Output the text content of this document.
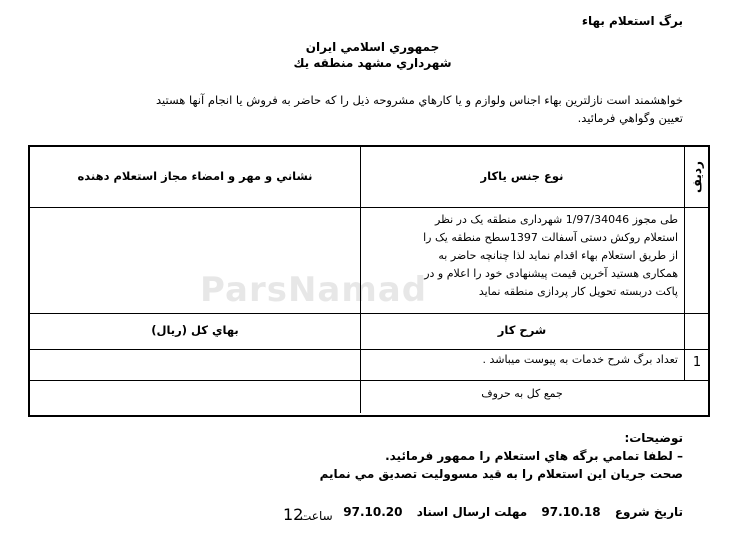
ParsNamad
برگ استعلام بهاء
جمهوري اسلامي ايران
شهرداري مشهد منطقه يك
خواهشمند است نازلترين بهاء اجناس ولوازم و يا كارهاي مشروحه ذيل را كه حاضر به فروش يا انجام آنها هستيد
تعيين وگواهي فرمائيد.
رديف
نوع جنس ياكار
نشاني و مهر و امضاء مجاز استعلام دهنده
طی مجوز 1/97/34046 شهرداری منطقه یک در نظر
استعلام روکش دستی آسفالت 1397سطح منطقه یک را
از طریق استعلام بهاء اقدام نماید لذا چنانچه حاضر به
همکاری هستید آخرین قیمت پیشنهادی خود را اعلام و در
پاکت دربسته تحویل کار پردازی منطقه نماید
شرح كار
بهاي كل (ريال)
1
تعداد برگ شرح خدمات به پیوست میباشد .
جمع کل به حروف
توضيحات:
– لطفا تمامي برگه هاي استعلام را ممهور فرمائيد.
صحت جريان اين استعلام را به قيد مسووليت تصديق مي نمايم
تاريخ شروع 97.10.18 مهلت ارسال اسناد 97.10.20
ساعت
12
